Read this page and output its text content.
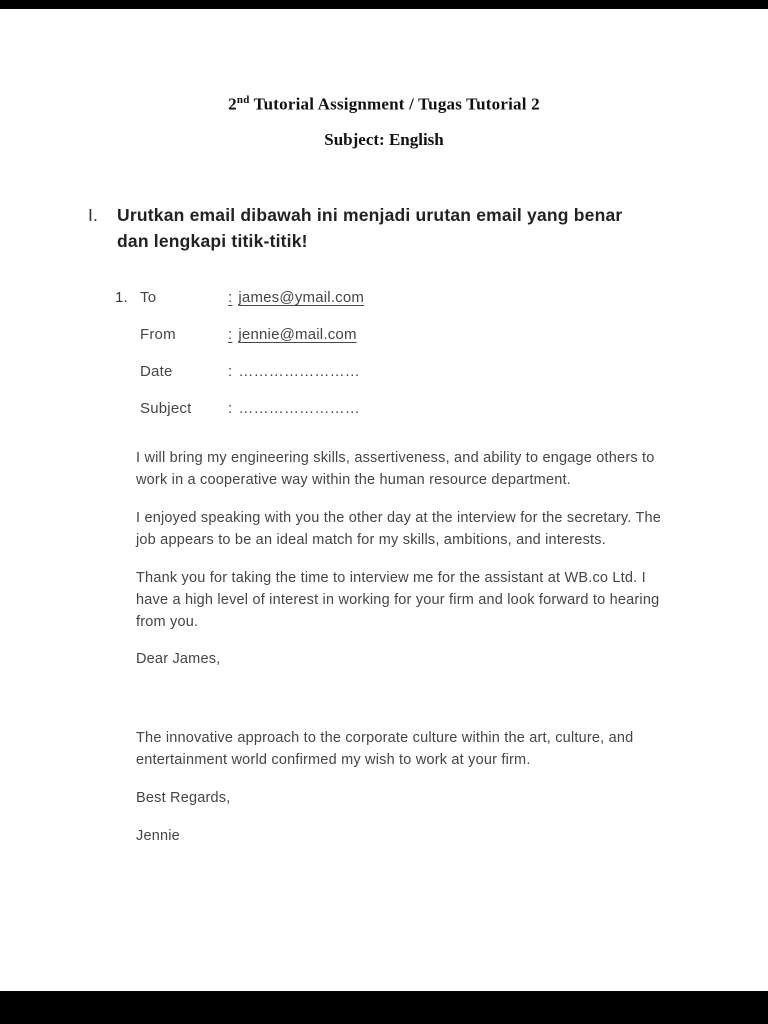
2nd Tutorial Assignment / Tugas Tutorial 2
Subject: English
I.	Urutkan email dibawah ini menjadi urutan email yang benar dan lengkapi titik-titik!
1. To	: james@ymail.com
From	: jennie@mail.com
Date	: ……………………
Subject	: ……………………

I will bring my engineering skills, assertiveness, and ability to engage others to work in a cooperative way within the human resource department.

I enjoyed speaking with you the other day at the interview for the secretary. The job appears to be an ideal match for my skills, ambitions, and interests.

Thank you for taking the time to interview me for the assistant at WB.co Ltd. I have a high level of interest in working for your firm and look forward to hearing from you.

Dear James,

The innovative approach to the corporate culture within the art, culture, and entertainment world confirmed my wish to work at your firm.

Best Regards,

Jennie
